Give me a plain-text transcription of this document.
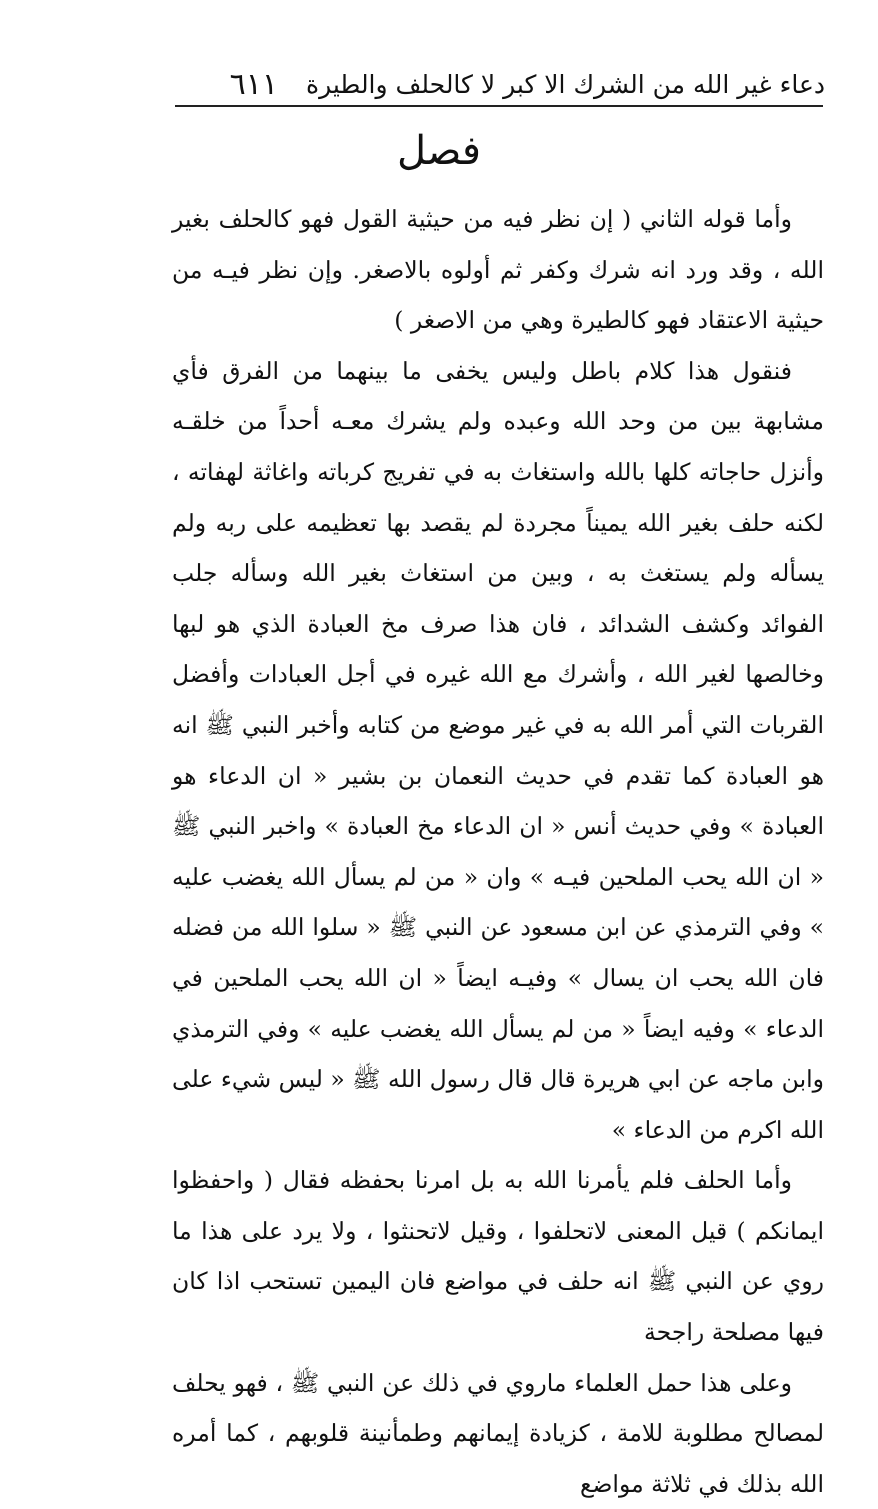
دعاء غير الله من الشرك الا كبر لا كالحلف والطيرة
٦١١
فصل

وأما قوله الثاني ( إن نظر فيه من حيثية القول فهو كالحلف بغير الله ، وقد ورد انه شرك وكفر ثم أولوه بالاصغر. وإن نظر فيـه من حيثية الاعتقاد فهو كالطيرة وهي من الاصغر )

فنقول هذا كلام باطل وليس يخفى ما بينهما من الفرق فأي مشابهة بين من وحد الله وعبده ولم يشرك معـه أحداً من خلقـه وأنزل حاجاته كلها بالله واستغاث به في تفريج كرباته واغاثة لهفاته ، لكنه حلف بغير الله يميناً مجردة لم يقصد بها تعظيمه على ربه ولم يسأله ولم يستغث به ، وبين من استغاث بغير الله وسأله جلب الفوائد وكشف الشدائد ، فان هذا صرف مخ العبادة الذي هو لبها وخالصها لغير الله ، وأشرك مع الله غيره في أجل العبادات وأفضل القربات التي أمر الله به في غير موضع من كتابه وأخبر النبي ﷺ انه هو العبادة كما تقدم في حديث النعمان بن بشير « ان الدعاء هو العبادة » وفي حديث أنس « ان الدعاء مخ العبادة » واخبر النبي ﷺ « ان الله يحب الملحين فيـه » وان « من لم يسأل الله يغضب عليه » وفي الترمذي عن ابن مسعود عن النبي ﷺ « سلوا الله من فضله فان الله يحب ان يسال » وفيـه ايضاً « ان الله يحب الملحين في الدعاء » وفيه ايضاً « من لم يسأل الله يغضب عليه » وفي الترمذي وابن ماجه عن ابي هريرة قال قال رسول الله ﷺ « ليس شيء على الله اكرم من الدعاء »

وأما الحلف فلم يأمرنا الله به بل امرنا بحفظه فقال ( واحفظوا ايمانكم ) قيل المعنى لاتحلفوا ، وقيل لاتحنثوا ، ولا يرد على هذا ما روي عن النبي ﷺ انه حلف في مواضع فان اليمين تستحب اذا كان فيها مصلحة راجحة

وعلى هذا حمل العلماء ماروي في ذلك عن النبي ﷺ ، فهو يحلف لمصالح مطلوبة للامة ، كزيادة إيمانهم وطمأنينة قلوبهم ، كما أمره الله بذلك في ثلاثة مواضع
